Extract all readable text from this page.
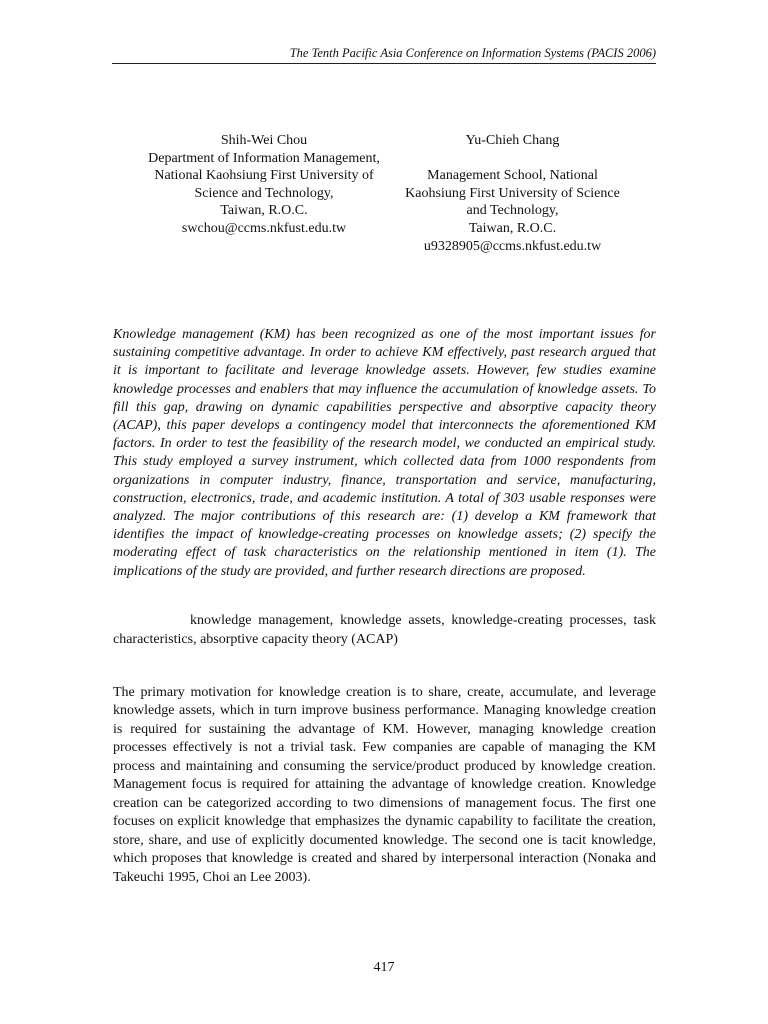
The Tenth Pacific Asia Conference on Information Systems (PACIS 2006)
Shih-Wei Chou
Department of Information Management,
National Kaohsiung First University of
Science and Technology,
Taiwan, R.O.C.
swchou@ccms.nkfust.edu.tw
Yu-Chieh Chang
Management School, National
Kaohsiung First University of Science
and Technology,
Taiwan, R.O.C.
u9328905@ccms.nkfust.edu.tw

Knowledge management (KM) has been recognized as one of the most important issues for sustaining competitive advantage. In order to achieve KM effectively, past research argued that it is important to facilitate and leverage knowledge assets. However, few studies examine knowledge processes and enablers that may influence the accumulation of knowledge assets. To fill this gap, drawing on dynamic capabilities perspective and absorptive capacity theory (ACAP), this paper develops a contingency model that interconnects the aforementioned KM factors. In order to test the feasibility of the research model, we conducted an empirical study. This study employed a survey instrument, which collected data from 1000 respondents from organizations in computer industry, finance, transportation and service, manufacturing, construction, electronics, trade, and academic institution. A total of 303 usable responses were analyzed. The major contributions of this research are: (1) develop a KM framework that identifies the impact of knowledge-creating processes on knowledge assets; (2) specify the moderating effect of task characteristics on the relationship mentioned in item (1). The implications of the study are provided, and further research directions are proposed.

knowledge management, knowledge assets, knowledge-creating processes, task characteristics, absorptive capacity theory (ACAP)

The primary motivation for knowledge creation is to share, create, accumulate, and leverage knowledge assets, which in turn improve business performance. Managing knowledge creation is required for sustaining the advantage of KM. However, managing knowledge creation processes effectively is not a trivial task. Few companies are capable of managing the KM process and maintaining and consuming the service/product produced by knowledge creation. Management focus is required for attaining the advantage of knowledge creation. Knowledge creation can be categorized according to two dimensions of management focus. The first one focuses on explicit knowledge that emphasizes the dynamic capability to facilitate the creation, store, share, and use of explicitly documented knowledge. The second one is tacit knowledge, which proposes that knowledge is created and shared by interpersonal interaction (Nonaka and Takeuchi 1995, Choi an Lee 2003).

417
